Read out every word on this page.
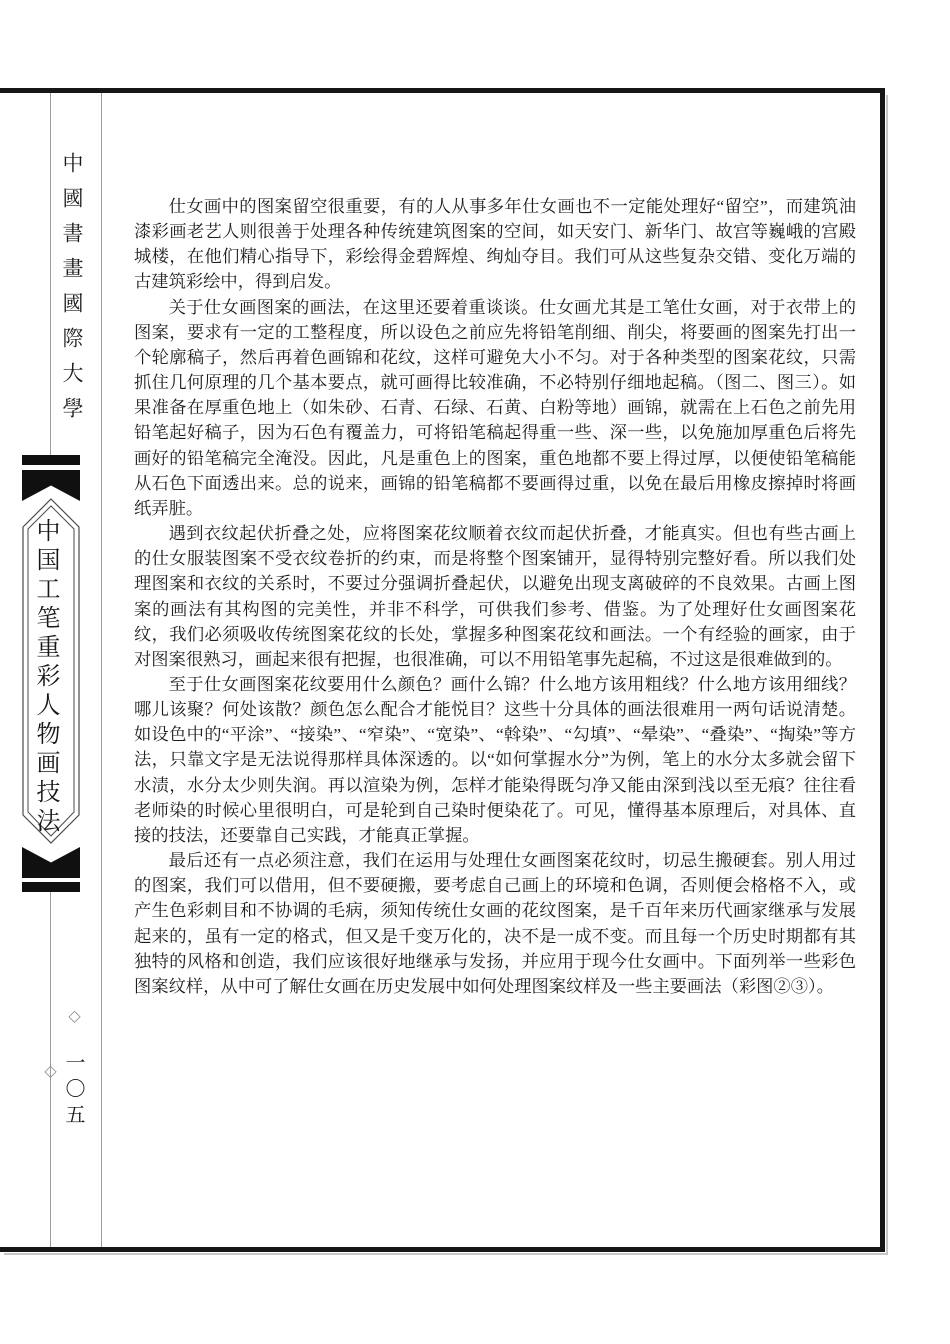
中國書畫國際大學
中国工笔重彩人物画技法
◇ 一〇五 ◇

仕女画中的图案留空很重要，有的人从事多年仕女画也不一定能处理好“留空”，而建筑油漆彩画老艺人则很善于处理各种传统建筑图案的空间，如天安门、新华门、故宫等巍峨的宫殿城楼，在他们精心指导下，彩绘得金碧辉煌、绚灿夺目。我们可从这些复杂交错、变化万端的古建筑彩绘中，得到启发。

关于仕女画图案的画法，在这里还要着重谈谈。仕女画尤其是工笔仕女画，对于衣带上的图案，要求有一定的工整程度，所以设色之前应先将铅笔削细、削尖，将要画的图案先打出一个轮廓稿子，然后再着色画锦和花纹，这样可避免大小不匀。对于各种类型的图案花纹，只需抓住几何原理的几个基本要点，就可画得比较准确，不必特别仔细地起稿。（图二、图三）。如果准备在厚重色地上（如朱砂、石青、石绿、石黄、白粉等地）画锦，就需在上石色之前先用铅笔起好稿子，因为石色有覆盖力，可将铅笔稿起得重一些、深一些，以免施加厚重色后将先画好的铅笔稿完全淹没。因此，凡是重色上的图案，重色地都不要上得过厚，以便使铅笔稿能从石色下面透出来。总的说来，画锦的铅笔稿都不要画得过重，以免在最后用橡皮擦掉时将画纸弄脏。

遇到衣纹起伏折叠之处，应将图案花纹顺着衣纹而起伏折叠，才能真实。但也有些古画上的仕女服装图案不受衣纹卷折的约束，而是将整个图案铺开，显得特别完整好看。所以我们处理图案和衣纹的关系时，不要过分强调折叠起伏，以避免出现支离破碎的不良效果。古画上图案的画法有其构图的完美性，并非不科学，可供我们参考、借鉴。为了处理好仕女画图案花纹，我们必须吸收传统图案花纹的长处，掌握多种图案花纹和画法。一个有经验的画家，由于对图案很熟习，画起来很有把握，也很准确，可以不用铅笔事先起稿，不过这是很难做到的。

至于仕女画图案花纹要用什么颜色？画什么锦？什么地方该用粗线？什么地方该用细线？哪儿该聚？何处该散？颜色怎么配合才能悦目？这些十分具体的画法很难用一两句话说清楚。如设色中的“平涂”、“接染”、“窄染”、“宽染”、“斡染”、“勾填”、“晕染”、“叠染”、“掏染”等方法，只靠文字是无法说得那样具体深透的。以“如何掌握水分”为例，笔上的水分太多就会留下水渍，水分太少则失润。再以渲染为例，怎样才能染得既匀净又能由深到浅以至无痕？往往看老师染的时候心里很明白，可是轮到自己染时便染花了。可见，懂得基本原理后，对具体、直接的技法，还要靠自己实践，才能真正掌握。

最后还有一点必须注意，我们在运用与处理仕女画图案花纹时，切忌生搬硬套。别人用过的图案，我们可以借用，但不要硬搬，要考虑自己画上的环境和色调，否则便会格格不入，或产生色彩刺目和不协调的毛病，须知传统仕女画的花纹图案，是千百年来历代画家继承与发展起来的，虽有一定的格式，但又是千变万化的，决不是一成不变。而且每一个历史时期都有其独特的风格和创造，我们应该很好地继承与发扬，并应用于现今仕女画中。下面列举一些彩色图案纹样，从中可了解仕女画在历史发展中如何处理图案纹样及一些主要画法（彩图②③）。
